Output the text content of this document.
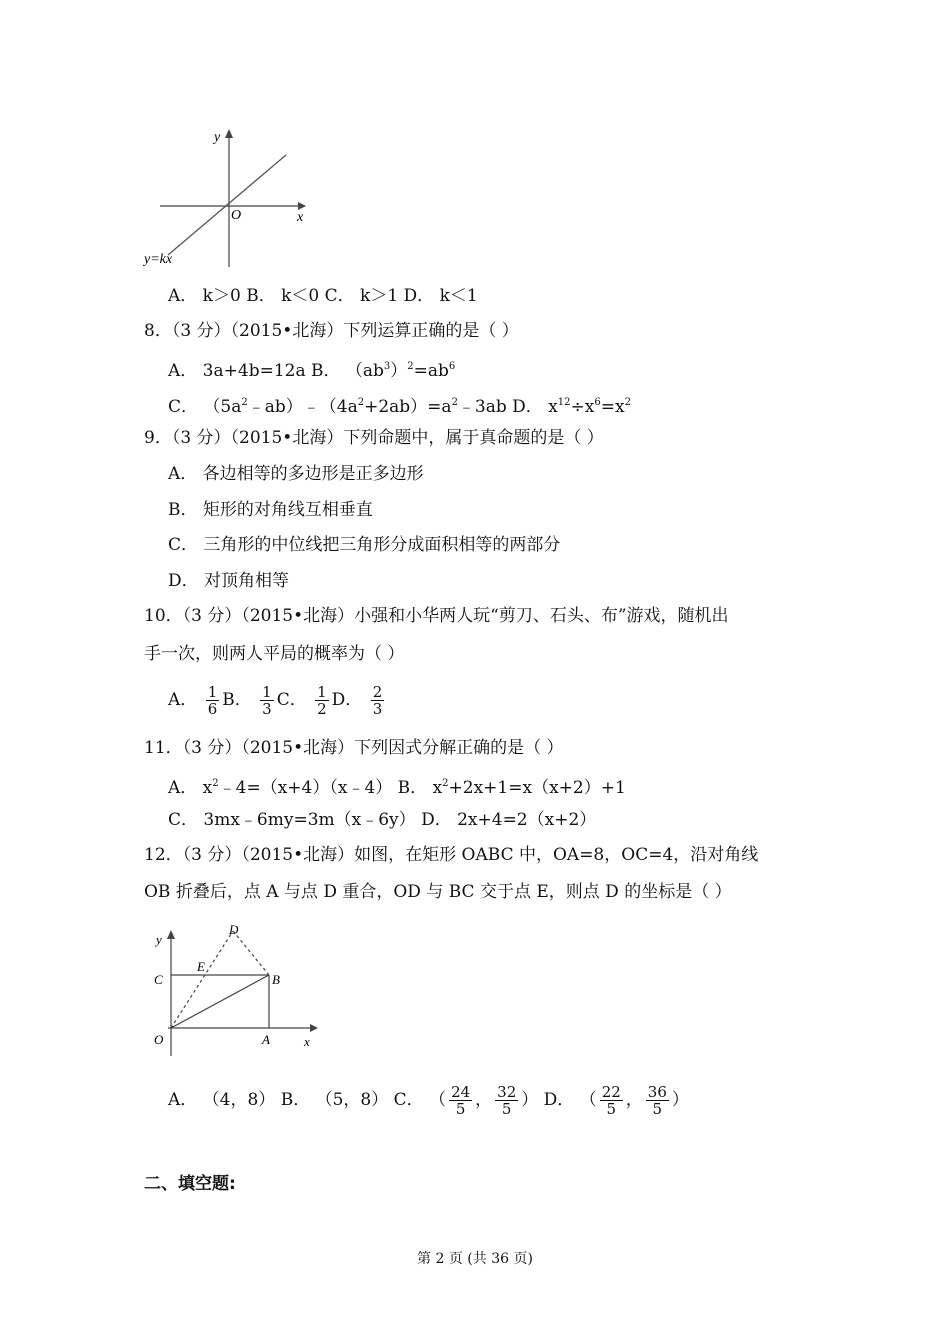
y
x
O
y=kx
A． k＞0 B． k＜0 C． k＞1 D． k＜1
8．（3 分）（2015•北海）下列运算正确的是（ ）
A． 3a+4b=12a B． $(ab^3)^2=ab^6$
C． $(5a^2﹣ab)﹣(4a^2+2ab)=a^2﹣3ab$ D． $x^{12}\div x^6=x^2$
9．（3 分）（2015•北海）下列命题中，属于真命题的是（ ）
A． 各边相等的多边形是正多边形
B． 矩形的对角线互相垂直
C． 三角形的中位线把三角形分成面积相等的两部分
D． 对顶角相等
10．（3 分）（2015•北海）小强和小华两人玩“剪刀、石头、布”游戏，随机出
手一次，则两人平局的概率为（ ）
A． $\frac{1}{6}$ B． $\frac{1}{3}$ C． $\frac{1}{2}$ D． $\frac{2}{3}$
11．（3 分）（2015•北海）下列因式分解正确的是（ ）
A． $x^2﹣4=(x+4)(x﹣4)$ B． $x^2+2x+1=x(x+2)+1$
C． 3mx﹣6my=3m（x﹣6y） D． 2x+4=2（x+2）
12．（3 分）（2015•北海）如图，在矩形 OABC 中，OA=8，OC=4，沿对角线
OB 折叠后，点 A 与点 D 重合，OD 与 BC 交于点 E，则点 D 的坐标是（ ）
y
x
O	A
B
C
D
E
A． （4，8） B． （5，8） C． （ $\frac{24}{5}$ ， $\frac{32}{5}$ ） D． （ $\frac{22}{5}$ ， $\frac{36}{5}$ ）
二、填空题:
第 2 页 (共 36 页)
